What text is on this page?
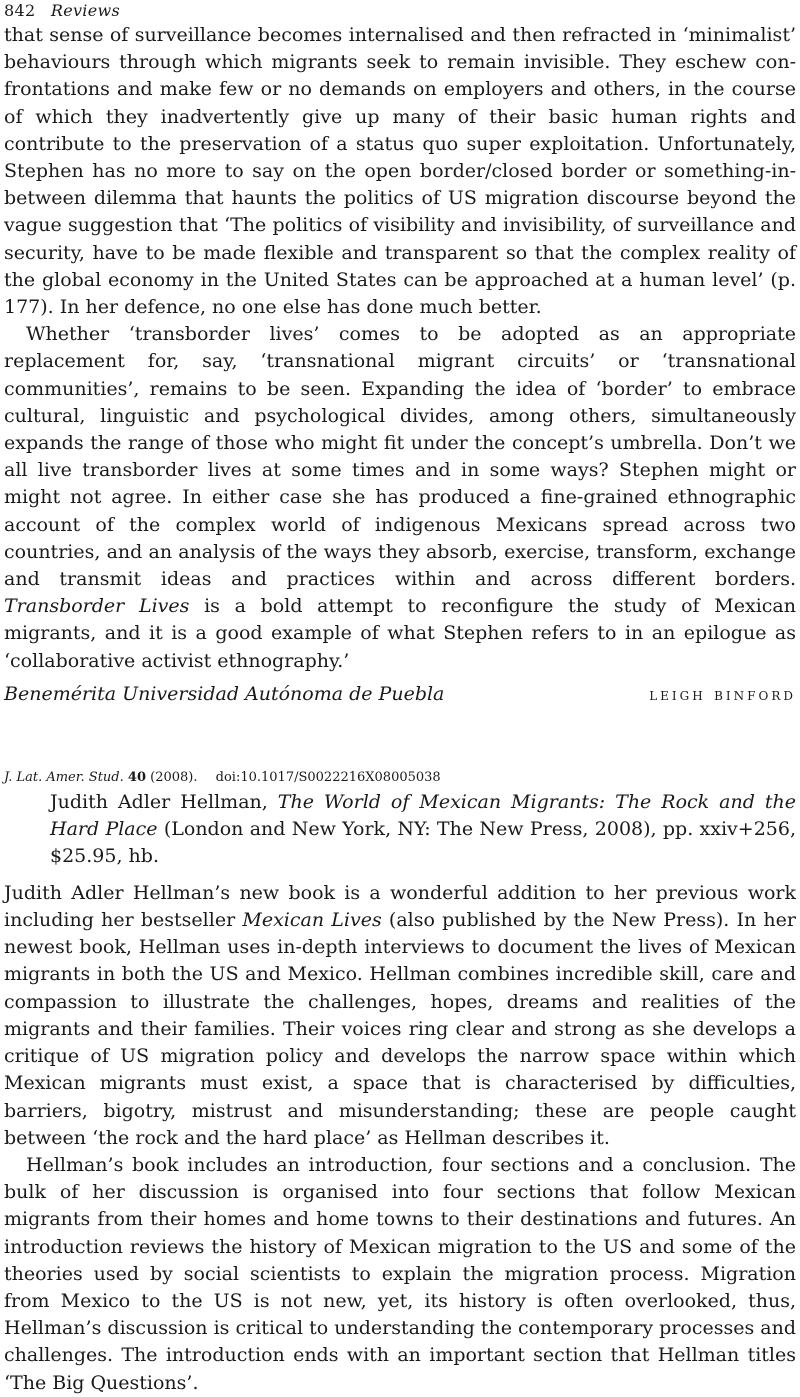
842 Reviews

that sense of surveillance becomes internalised and then refracted in ‘minimalist’ behaviours through which migrants seek to remain invisible. They eschew confrontations and make few or no demands on employers and others, in the course of which they inadvertently give up many of their basic human rights and contribute to the preservation of a status quo super exploitation. Unfortunately, Stephen has no more to say on the open border/closed border or something-in-between dilemma that haunts the politics of US migration discourse beyond the vague suggestion that ‘The politics of visibility and invisibility, of surveillance and security, have to be made flexible and transparent so that the complex reality of the global economy in the United States can be approached at a human level’ (p. 177). In her defence, no one else has done much better.

Whether ‘transborder lives’ comes to be adopted as an appropriate replacement for, say, ‘transnational migrant circuits’ or ‘transnational communities’, remains to be seen. Expanding the idea of ‘border’ to embrace cultural, linguistic and psychological divides, among others, simultaneously expands the range of those who might fit under the concept’s umbrella. Don’t we all live transborder lives at some times and in some ways? Stephen might or might not agree. In either case she has produced a fine-grained ethnographic account of the complex world of indigenous Mexicans spread across two countries, and an analysis of the ways they absorb, exercise, transform, exchange and transmit ideas and practices within and across different borders. Transborder Lives is a bold attempt to reconfigure the study of Mexican migrants, and it is a good example of what Stephen refers to in an epilogue as ‘collaborative activist ethnography.’

Benemérita Universidad Autónoma de Puebla	leigh binford
J. Lat. Amer. Stud. 40 (2008). doi:10.1017/S0022216X08005038
Judith Adler Hellman, The World of Mexican Migrants: The Rock and the Hard Place (London and New York, NY: The New Press, 2008), pp. xxiv+256, $25.95, hb.

Judith Adler Hellman’s new book is a wonderful addition to her previous work including her bestseller Mexican Lives (also published by the New Press). In her newest book, Hellman uses in-depth interviews to document the lives of Mexican migrants in both the US and Mexico. Hellman combines incredible skill, care and compassion to illustrate the challenges, hopes, dreams and realities of the migrants and their families. Their voices ring clear and strong as she develops a critique of US migration policy and develops the narrow space within which Mexican migrants must exist, a space that is characterised by difficulties, barriers, bigotry, mistrust and misunderstanding; these are people caught between ‘the rock and the hard place’ as Hellman describes it.

Hellman’s book includes an introduction, four sections and a conclusion. The bulk of her discussion is organised into four sections that follow Mexican migrants from their homes and home towns to their destinations and futures. An introduction reviews the history of Mexican migration to the US and some of the theories used by social scientists to explain the migration process. Migration from Mexico to the US is not new, yet, its history is often overlooked, thus, Hellman’s discussion is critical to understanding the contemporary processes and challenges. The introduction ends with an important section that Hellman titles ‘The Big Questions’.
